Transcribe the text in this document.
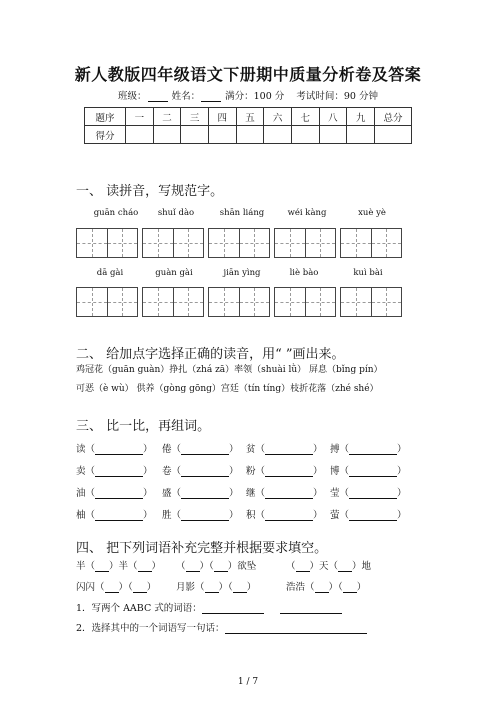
新人教版四年级语文下册期中质量分析卷及答案
班级：	姓名：	满分：100 分 考试时间：90 分钟
题序	一	二	三	四	五	六	七	八	九	总分
得分										
一、 读拼音，写规范字。
guān cháo	shuǐ dào	shān liáng	wéi kàng	xuè yè
dā gài	guàn gài	jiān yìng	liè bào	kuì bài
二、 给加点字选择正确的读音，用“ ”画出来。
鸡冠花（guān guàn）挣扎（zhá zā）率领（shuài lǜ） 屏息（bǐng pín）
可恶（è wù） 供养（gòng gōng）宫廷（tín tíng）枝折花落（zhé shé）
三、 比一比，再组词。
读（	） 倦（	） 贫（	） 搏（	）
卖（	） 卷（	） 粉（	） 博（	）
油（	） 盛（	） 继（	） 莹（	）
柚（	） 胜（	） 积（	） 萤（	）
四、 把下列词语补充完整并根据要求填空。
半（ ）半（ ） （ ）（ ）欲坠	（ ）天（ ）地
闪闪（ ）（ ） 月影（ ）（ ）	浩浩（ ）（ ）
1．写两个 AABC 式的词语：
2．选择其中的一个词语写一句话：
1 / 7
